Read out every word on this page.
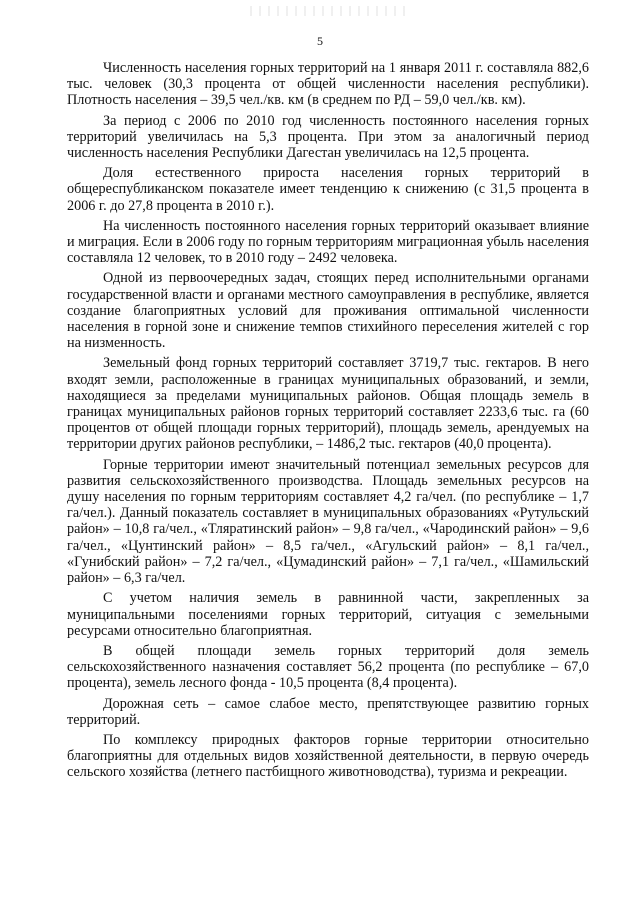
5

Численность населения горных территорий на 1 января 2011 г. составляла 882,6 тыс. человек (30,3 процента от общей численности населения республики). Плотность населения – 39,5 чел./кв. км (в среднем по РД – 59,0 чел./кв. км).

За период с 2006 по 2010 год численность постоянного населения горных территорий увеличилась на 5,3 процента. При этом за аналогичный период численность населения Республики Дагестан увеличилась на 12,5 процента.

Доля естественного прироста населения горных территорий в общереспубликанском показателе имеет тенденцию к снижению (с 31,5 процента в 2006 г. до 27,8 процента в 2010 г.).

На численность постоянного населения горных территорий оказывает влияние и миграция. Если в 2006 году по горным территориям миграционная убыль населения составляла 12 человек, то в 2010 году – 2492 человека.

Одной из первоочередных задач, стоящих перед исполнительными органами государственной власти и органами местного самоуправления в республике, является создание благоприятных условий для проживания оптимальной численности населения в горной зоне и снижение темпов стихийного переселения жителей с гор на низменность.

Земельный фонд горных территорий составляет 3719,7 тыс. гектаров. В него входят земли, расположенные в границах муниципальных образований, и земли, находящиеся за пределами муниципальных районов. Общая площадь земель в границах муниципальных районов горных территорий составляет 2233,6 тыс. га (60 процентов от общей площади горных территорий), площадь земель, арендуемых на территории других районов республики, – 1486,2 тыс. гектаров (40,0 процента).

Горные территории имеют значительный потенциал земельных ресурсов для развития сельскохозяйственного производства. Площадь земельных ресурсов на душу населения по горным территориям составляет 4,2 га/чел. (по республике – 1,7 га/чел.). Данный показатель составляет в муниципальных образованиях «Рутульский район» – 10,8 га/чел., «Тляратинский район» – 9,8 га/чел., «Чародинский район» – 9,6 га/чел., «Цунтинский район» – 8,5 га/чел., «Агульский район» – 8,1 га/чел., «Гунибский район» – 7,2 га/чел., «Цумадинский район» – 7,1 га/чел., «Шамильский район» – 6,3 га/чел.

С учетом наличия земель в равнинной части, закрепленных за муниципальными поселениями горных территорий, ситуация с земельными ресурсами относительно благоприятная.

В общей площади земель горных территорий доля земель сельскохозяйственного назначения составляет 56,2 процента (по республике – 67,0 процента), земель лесного фонда - 10,5 процента (8,4 процента).

Дорожная сеть – самое слабое место, препятствующее развитию горных территорий.

По комплексу природных факторов горные территории относительно благоприятны для отдельных видов хозяйственной деятельности, в первую очередь сельского хозяйства (летнего пастбищного животноводства), туризма и рекреации.
